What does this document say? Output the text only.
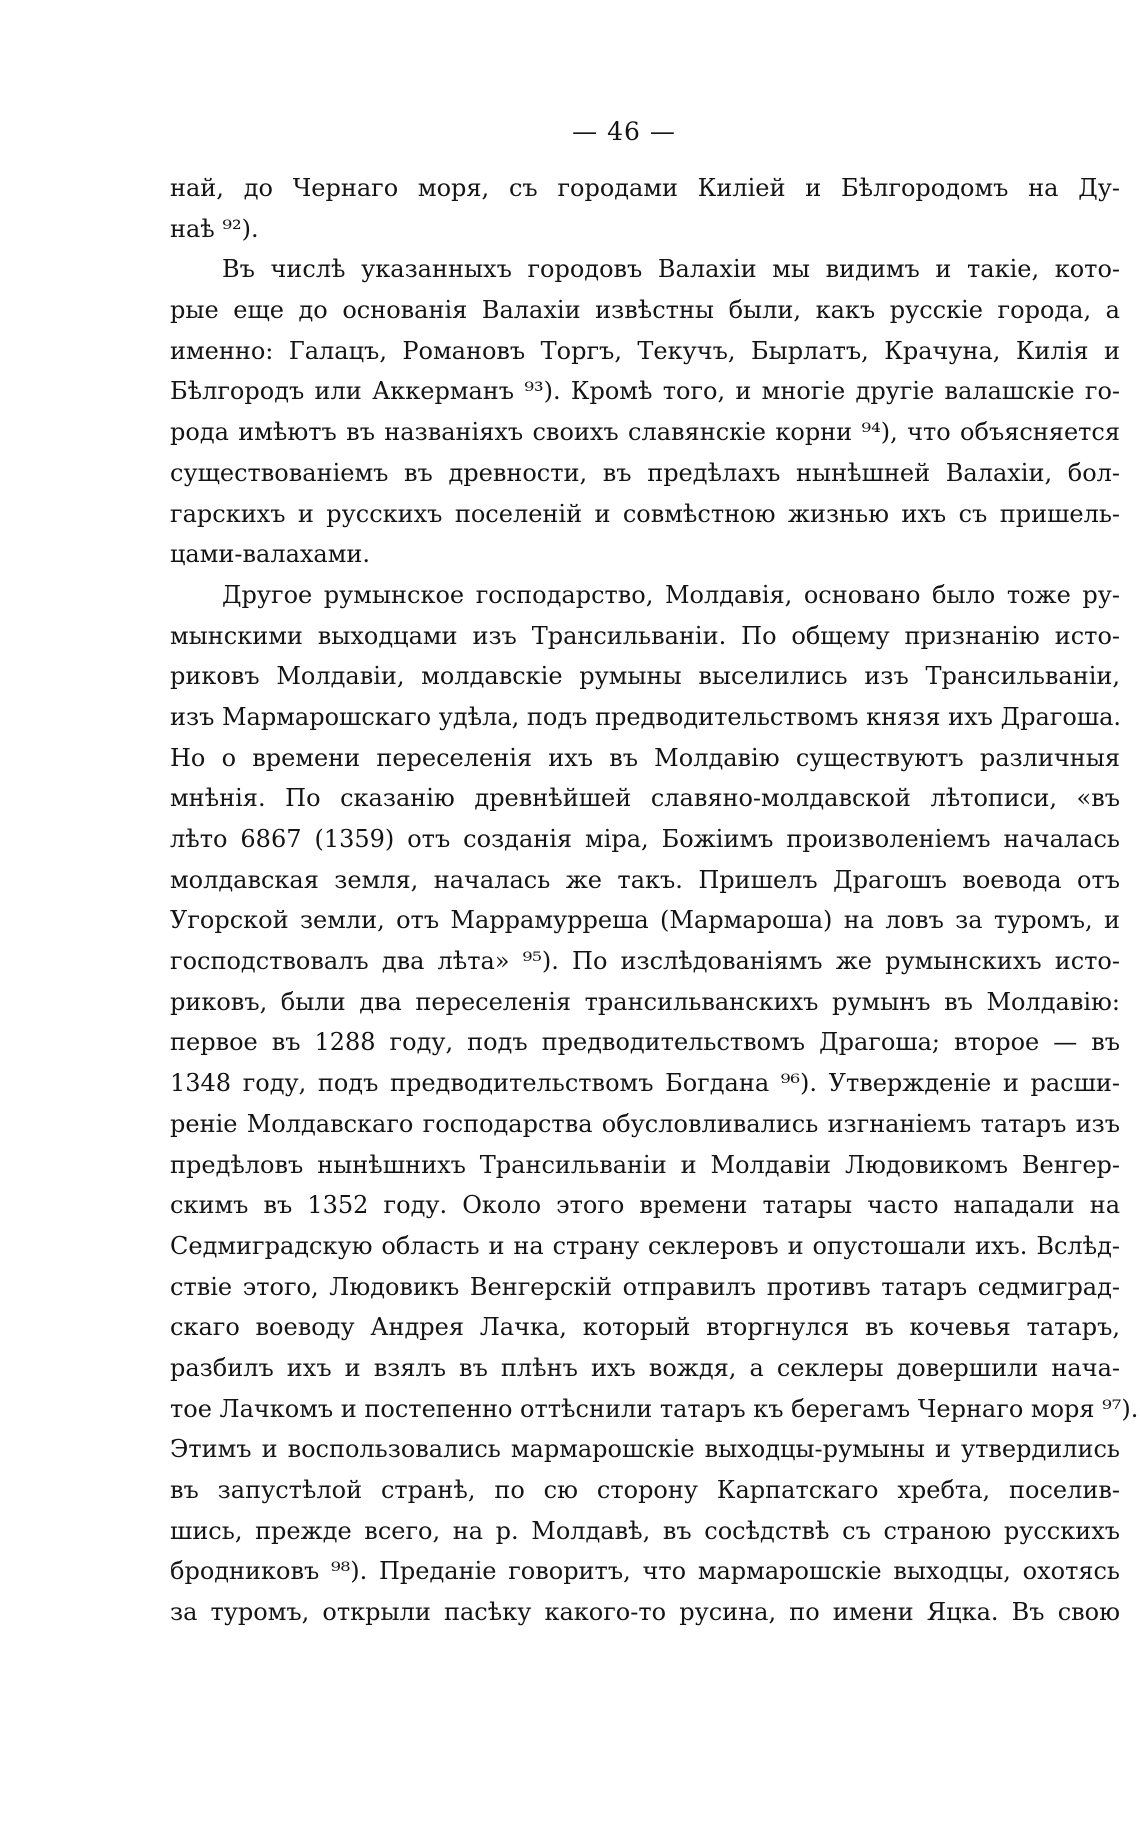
— 46 —
най, до Чернаго моря, съ городами Киліей и Бѣлгородомъ на Ду-
наѣ ⁹²).
Въ числѣ указанныхъ городовъ Валахіи мы видимъ и такіе, кото-
рые еще до основанія Валахіи извѣстны были, какъ русскіе города, а
именно: Галацъ, Романовъ Торгъ, Текучъ, Бырлатъ, Крачуна, Килія и
Бѣлгородъ или Аккерманъ ⁹³). Кромѣ того, и многіе другіе валашскіе го-
рода имѣютъ въ названіяхъ своихъ славянскіе корни ⁹⁴), что объясняется
существованіемъ въ древности, въ предѣлахъ нынѣшней Валахіи, бол-
гарскихъ и русскихъ поселеній и совмѣстною жизнью ихъ съ пришель-
цами-валахами.
Другое румынское господарство, Молдавія, основано было тоже ру-
мынскими выходцами изъ Трансильваніи. По общему признанію исто-
риковъ Молдавіи, молдавскіе румыны выселились изъ Трансильваніи,
изъ Мармарошскаго удѣла, подъ предводительствомъ князя ихъ Драгоша.
Но о времени переселенія ихъ въ Молдавію существуютъ различныя
мнѣнія. По сказанію древнѣйшей славяно-молдавской лѣтописи, «въ
лѣто 6867 (1359) отъ созданія міра, Божіимъ произволеніемъ началась
молдавская земля, началась же такъ. Пришелъ Драгошъ воевода отъ
Угорской земли, отъ Маррамурреша (Мармароша) на ловъ за туромъ, и
господствовалъ два лѣта» ⁹⁵). По изслѣдованіямъ же румынскихъ исто-
риковъ, были два переселенія трансильванскихъ румынъ въ Молдавію:
первое въ 1288 году, подъ предводительствомъ Драгоша; второе — въ
1348 году, подъ предводительствомъ Богдана ⁹⁶). Утвержденіе и расши-
реніе Молдавскаго господарства обусловливались изгнаніемъ татаръ изъ
предѣловъ нынѣшнихъ Трансильваніи и Молдавіи Людовикомъ Венгер-
скимъ въ 1352 году. Около этого времени татары часто нападали на
Седмиградскую область и на страну секлеровъ и опустошали ихъ. Вслѣд-
ствіе этого, Людовикъ Венгерскій отправилъ противъ татаръ седмиград-
скаго воеводу Андрея Лачка, который вторгнулся въ кочевья татаръ,
разбилъ ихъ и взялъ въ плѣнъ ихъ вождя, а секлеры довершили нача-
тое Лачкомъ и постепенно оттѣснили татаръ къ берегамъ Чернаго моря ⁹⁷).
Этимъ и воспользовались мармарошскіе выходцы-румыны и утвердились
въ запустѣлой странѣ, по сю сторону Карпатскаго хребта, поселив-
шись, прежде всего, на р. Молдавѣ, въ сосѣдствѣ съ страною русскихъ
бродниковъ ⁹⁸). Преданіе говоритъ, что мармарошскіе выходцы, охотясь
за туромъ, открыли пасѣку какого-то русина, по имени Яцка. Въ свою
